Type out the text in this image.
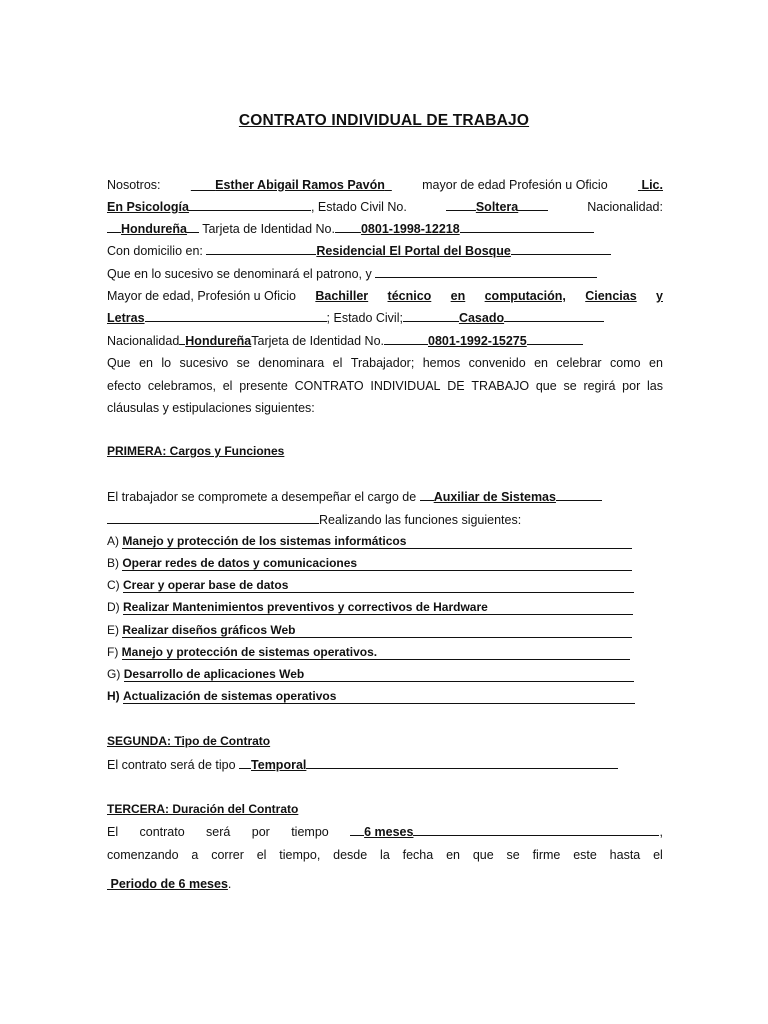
CONTRATO INDIVIDUAL DE TRABAJO
Nosotros:	Esther Abigail Ramos Pavón	mayor de edad Profesión u Oficio	Lic.
En Psicología	, Estado Civil No.	Soltera	Nacionalidad:
Hondureña Tarjeta de Identidad No. 0801-1998-12218
Con domicilio en:	Residencial El Portal del Bosque
Que en lo sucesivo se denominará el patrono, y
Mayor de edad, Profesión u Oficio Bachiller técnico en computación, Ciencias y
Letras	; Estado Civil;	Casado
Nacionalidad HondureñaTarjeta de Identidad No.	0801-1992-15275
Que en lo sucesivo se denominara el Trabajador; hemos convenido en celebrar como en
efecto celebramos, el presente CONTRATO INDIVIDUAL DE TRABAJO que se regirá por las
cláusulas y estipulaciones siguientes:
PRIMERA: Cargos y Funciones
El trabajador se compromete a desempeñar el cargo de Auxiliar de Sistemas
Realizando las funciones siguientes:
A) Manejo y protección de los sistemas informáticos
B) Operar redes de datos y comunicaciones
C) Crear y operar base de datos
D) Realizar Mantenimientos preventivos y correctivos de Hardware
E) Realizar diseños gráficos Web
F) Manejo y protección de sistemas operativos.
G) Desarrollo de aplicaciones Web
H) Actualización de sistemas operativos
SEGUNDA: Tipo de Contrato
El contrato será de tipo Temporal
TERCERA: Duración del Contrato
El contrato será por tiempo	6 meses	,
comenzando a correr el tiempo, desde la fecha en que se firme este hasta el
Periodo de 6 meses.
